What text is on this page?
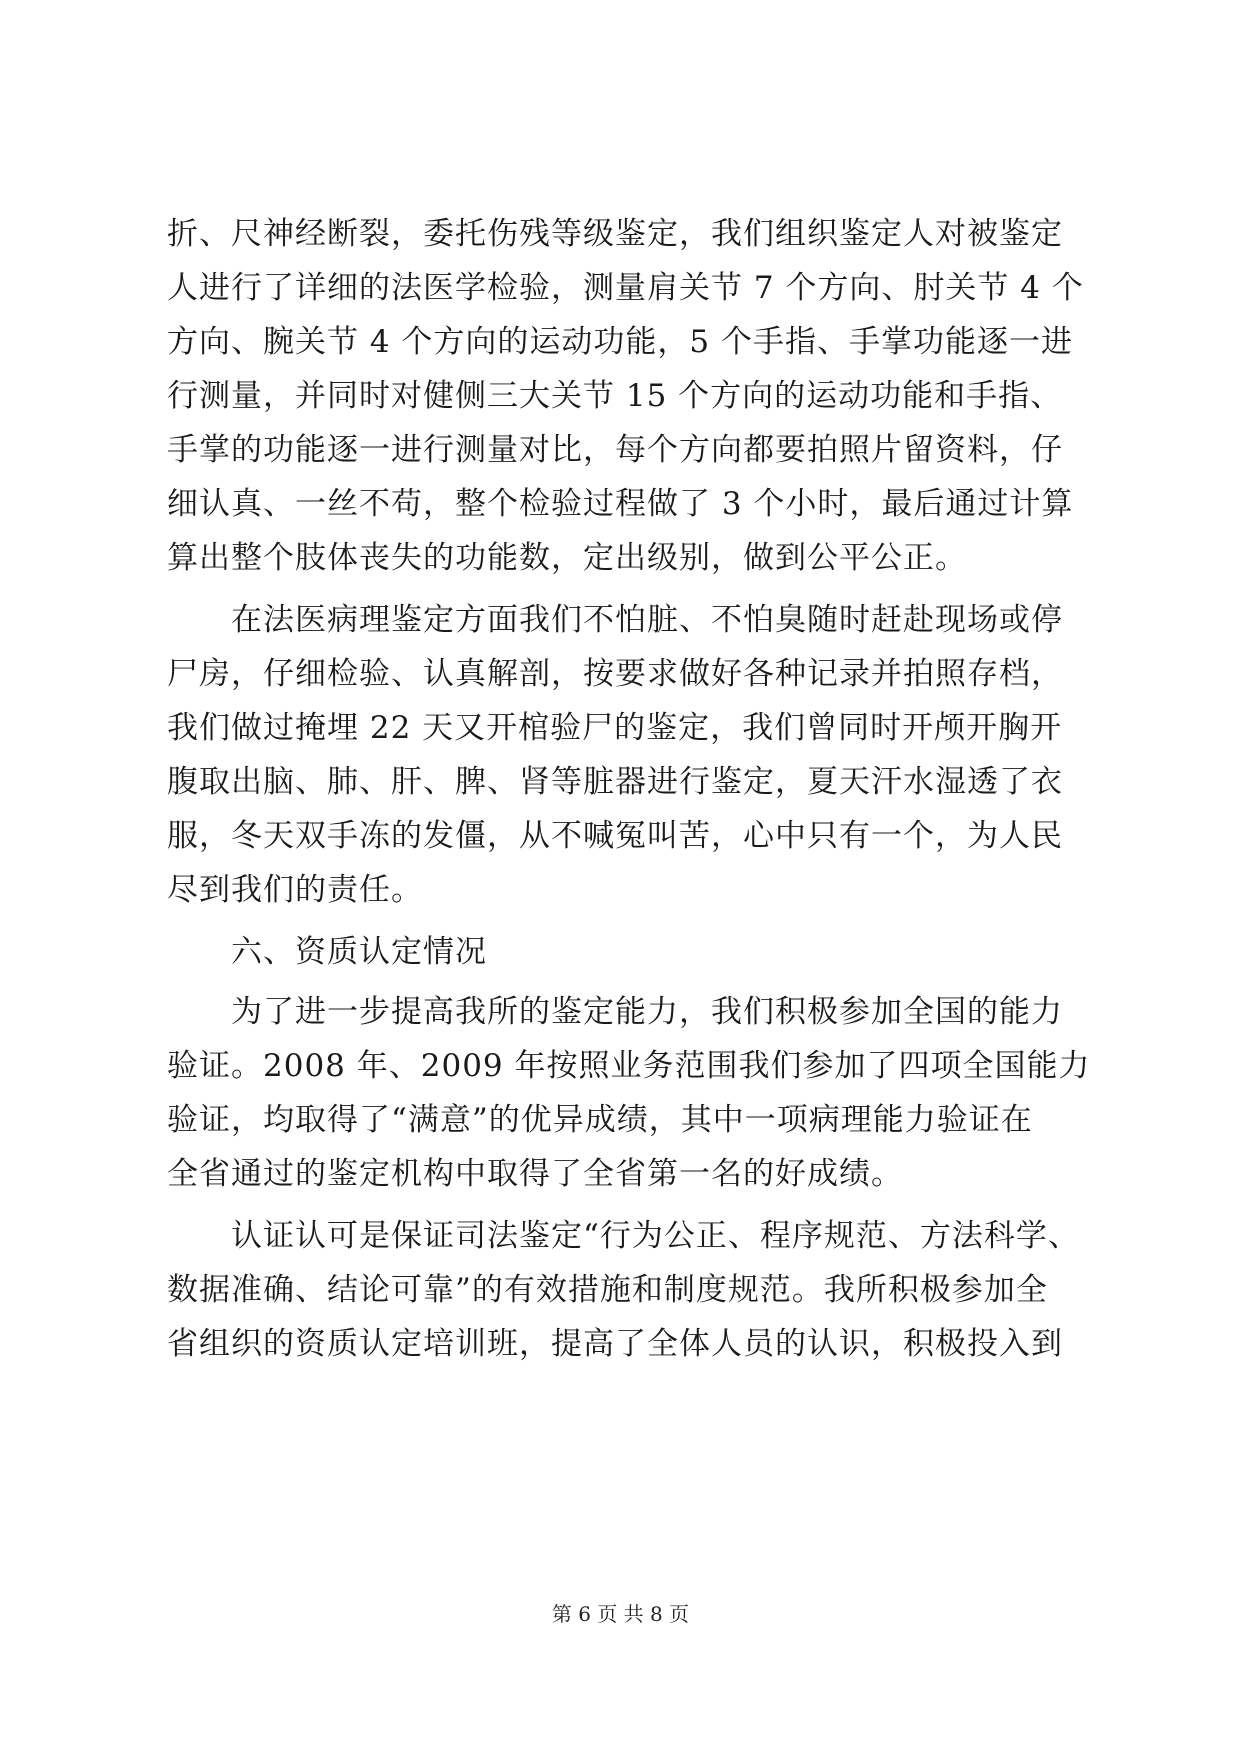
折、尺神经断裂，委托伤残等级鉴定，我们组织鉴定人对被鉴定
人进行了详细的法医学检验，测量肩关节 7 个方向、肘关节 4 个
方向、腕关节 4 个方向的运动功能，5 个手指、手掌功能逐一进
行测量，并同时对健侧三大关节 15 个方向的运动功能和手指、
手掌的功能逐一进行测量对比，每个方向都要拍照片留资料，仔
细认真、一丝不苟，整个检验过程做了 3 个小时，最后通过计算
算出整个肢体丧失的功能数，定出级别，做到公平公正。
在法医病理鉴定方面我们不怕脏、不怕臭随时赶赴现场或停
尸房，仔细检验、认真解剖，按要求做好各种记录并拍照存档，
我们做过掩埋 22 天又开棺验尸的鉴定，我们曾同时开颅开胸开
腹取出脑、肺、肝、脾、肾等脏器进行鉴定，夏天汗水湿透了衣
服，冬天双手冻的发僵，从不喊冤叫苦，心中只有一个，为人民
尽到我们的责任。
六、资质认定情况
为了进一步提高我所的鉴定能力，我们积极参加全国的能力
验证。2008 年、2009 年按照业务范围我们参加了四项全国能力
验证，均取得了“满意”的优异成绩，其中一项病理能力验证在
全省通过的鉴定机构中取得了全省第一名的好成绩。
认证认可是保证司法鉴定“行为公正、程序规范、方法科学、
数据准确、结论可靠”的有效措施和制度规范。我所积极参加全
省组织的资质认定培训班，提高了全体人员的认识，积极投入到
第 6 页 共 8 页
